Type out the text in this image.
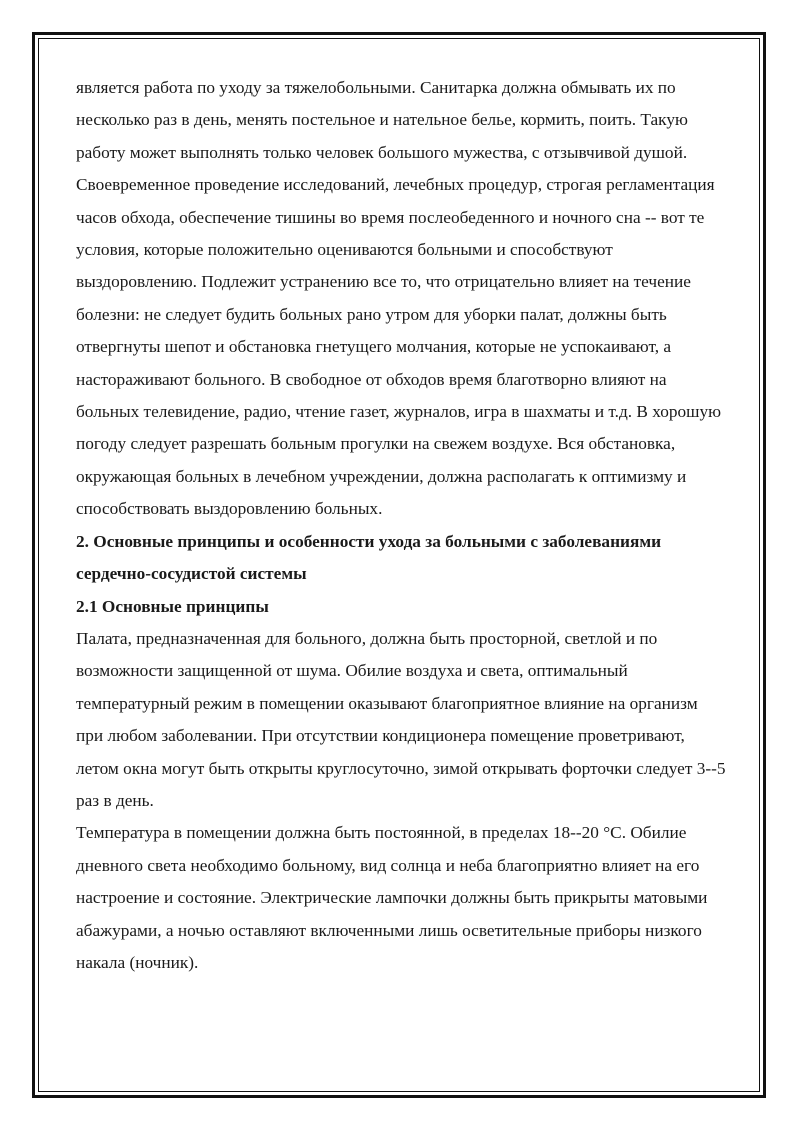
является работа по уходу за тяжелобольными. Санитарка должна обмывать их по несколько раз в день, менять постельное и нательное белье, кормить, поить. Такую работу может выполнять только человек большого мужества, с отзывчивой душой.

Своевременное проведение исследований, лечебных процедур, строгая регламентация часов обхода, обеспечение тишины во время послеобеденного и ночного сна -- вот те условия, которые положительно оцениваются больными и способствуют выздоровлению. Подлежит устранению все то, что отрицательно влияет на течение болезни: не следует будить больных рано утром для уборки палат, должны быть отвергнуты шепот и обстановка гнетущего молчания, которые не успокаивают, а настораживают больного. В свободное от обходов время благотворно влияют на больных телевидение, радио, чтение газет, журналов, игра в шахматы и т.д. В хорошую погоду следует разрешать больным прогулки на свежем воздухе. Вся обстановка, окружающая больных в лечебном учреждении, должна располагать к оптимизму и способствовать выздоровлению больных.

2. Основные принципы и особенности ухода за больными с заболеваниями сердечно-сосудистой системы
2.1 Основные принципы

Палата, предназначенная для больного, должна быть просторной, светлой и по возможности защищенной от шума. Обилие воздуха и света, оптимальный температурный режим в помещении оказывают благоприятное влияние на организм при любом заболевании. При отсутствии кондиционера помещение проветривают, летом окна могут быть открыты круглосуточно, зимой открывать форточки следует 3--5 раз в день.

Температура в помещении должна быть постоянной, в пределах 18--20 °С. Обилие дневного света необходимо больному, вид солнца и неба благоприятно влияет на его настроение и состояние. Электрические лампочки должны быть прикрыты матовыми абажурами, а ночью оставляют включенными лишь осветительные приборы низкого накала (ночник).
